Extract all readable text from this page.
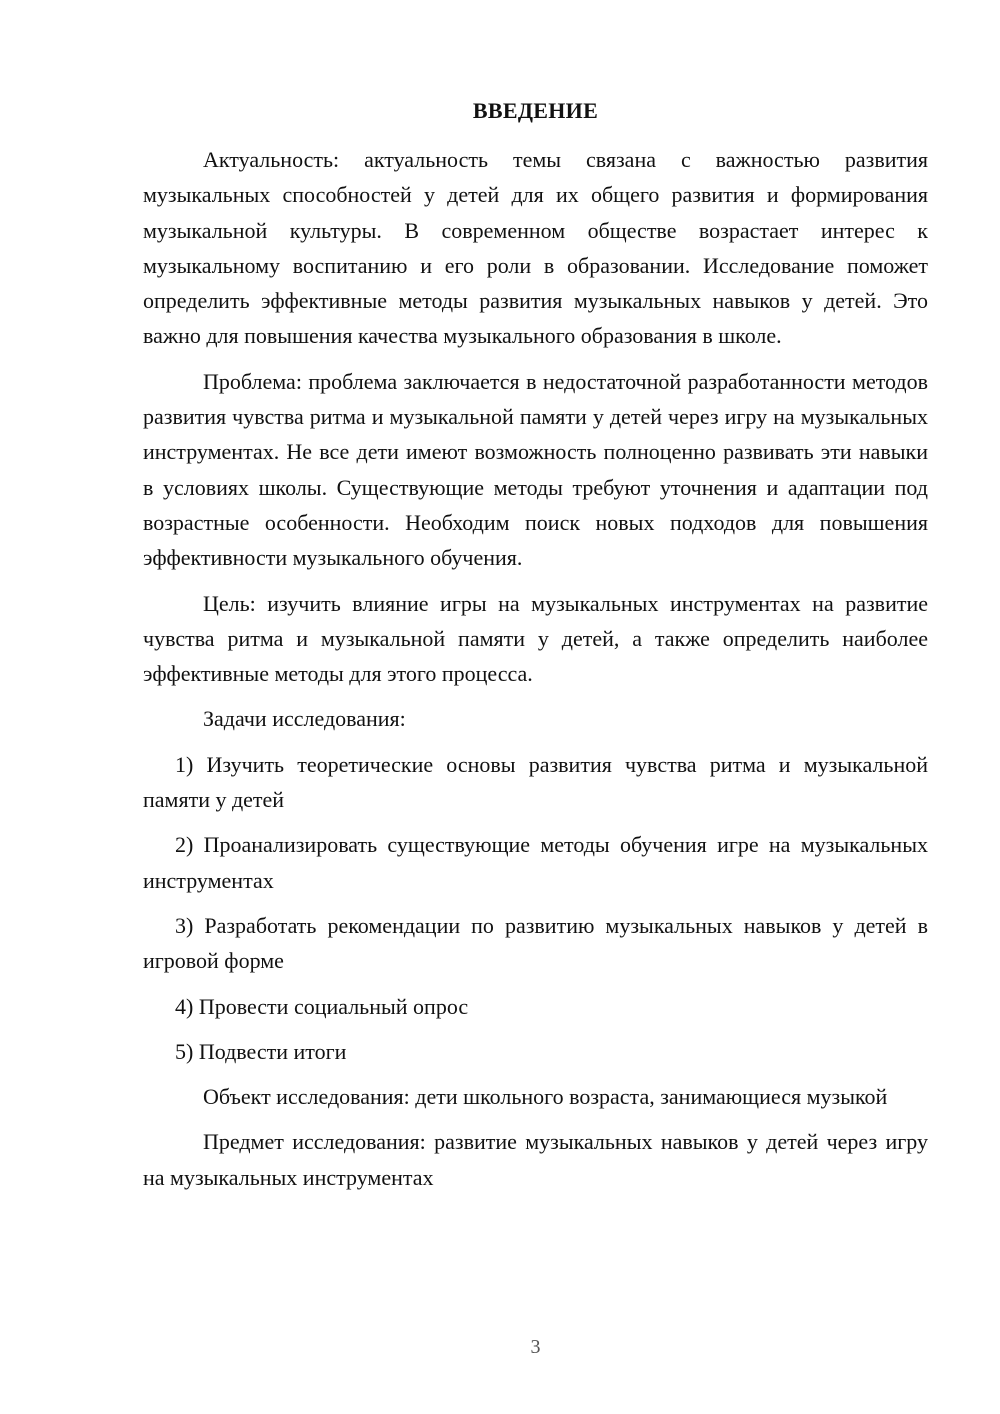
ВВЕДЕНИЕ

Актуальность: актуальность темы связана с важностью развития музыкальных способностей у детей для их общего развития и формирования музыкальной культуры. В современном обществе возрастает интерес к музыкальному воспитанию и его роли в образовании. Исследование поможет определить эффективные методы развития музыкальных навыков у детей. Это важно для повышения качества музыкального образования в школе.

Проблема: проблема заключается в недостаточной разработанности методов развития чувства ритма и музыкальной памяти у детей через игру на музыкальных инструментах. Не все дети имеют возможность полноценно развивать эти навыки в условиях школы. Существующие методы требуют уточнения и адаптации под возрастные особенности. Необходим поиск новых подходов для повышения эффективности музыкального обучения.

Цель: изучить влияние игры на музыкальных инструментах на развитие чувства ритма и музыкальной памяти у детей, а также определить наиболее эффективные методы для этого процесса.

Задачи исследования:

1) Изучить теоретические основы развития чувства ритма и музыкальной памяти у детей

2) Проанализировать существующие методы обучения игре на музыкальных инструментах

3) Разработать рекомендации по развитию музыкальных навыков у детей в игровой форме

4) Провести социальный опрос

5) Подвести итоги

Объект исследования: дети школьного возраста, занимающиеся музыкой

Предмет исследования: развитие музыкальных навыков у детей через игру на музыкальных инструментах

3
